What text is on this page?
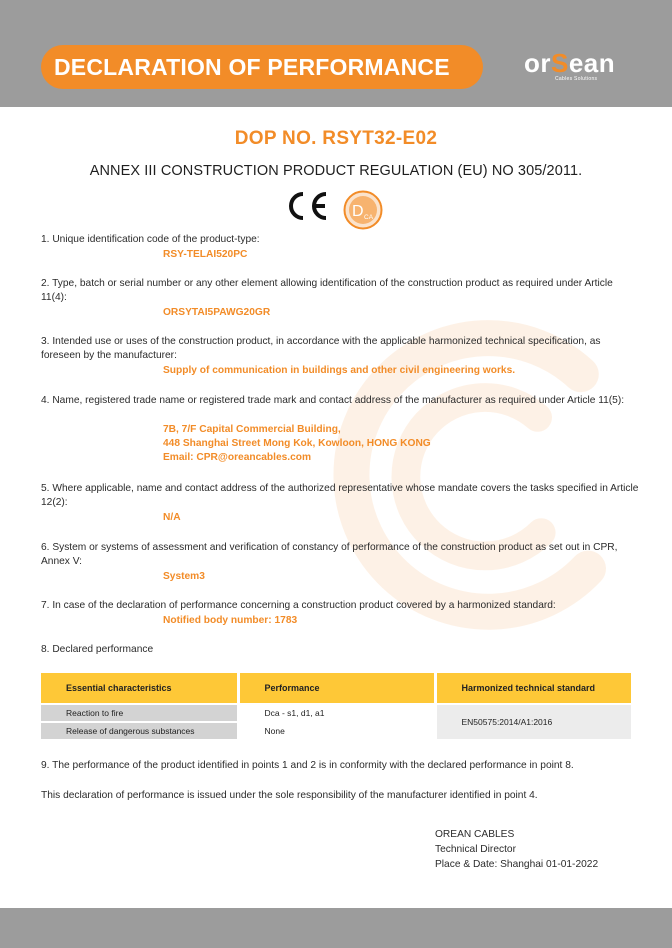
DECLARATION OF PERFORMANCE	orSean
Cables Solutions
DOP NO. RSYT32-E02
ANNEX III CONSTRUCTION PRODUCT REGULATION (EU) NO 305/2011.
D CA
1. Unique identification code of the product-type:
RSY-TELAI520PC
2. Type, batch or serial number or any other element allowing identification of the construction product as required under Article 11(4):
ORSYTAI5PAWG20GR
3. Intended use or uses of the construction product, in accordance with the applicable harmonized technical specification, as foreseen by the manufacturer:
Supply of communication in buildings and other civil engineering works.
4. Name, registered trade name or registered trade mark and contact address of the manufacturer as required under Article 11(5):
7B, 7/F Capital Commercial Building,
448 Shanghai Street Mong Kok, Kowloon, HONG KONG
Email: CPR@oreancables.com
5. Where applicable, name and contact address of the authorized representative whose mandate covers the tasks specified in Article 12(2):
N/A
6. System or systems of assessment and verification of constancy of performance of the construction product as set out in CPR, Annex V:
System3
7. In case of the declaration of performance concerning a construction product covered by a harmonized standard:
Notified body number: 1783
8. Declared performance
Essential characteristics	Performance	Harmonized technical standard
Reaction to fire	Dca - s1, d1, a1	EN50575:2014/A1:2016
Release of dangerous substances	None	
9. The performance of the product identified in points 1 and 2 is in conformity with the declared performance in point 8.
This declaration of performance is issued under the sole responsibility of the manufacturer identified in point 4.
OREAN CABLES
Technical Director
Place & Date: Shanghai 01-01-2022
